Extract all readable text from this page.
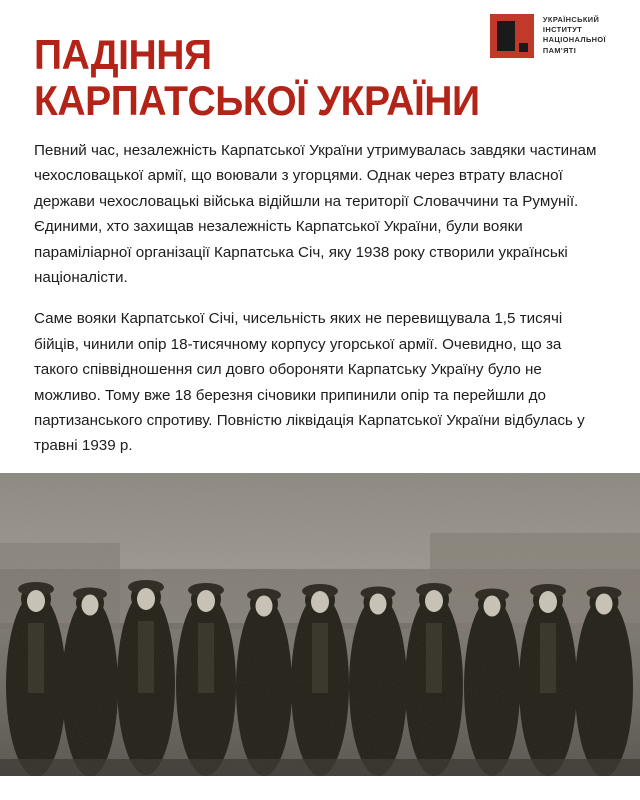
УКРАЇНСЬКИЙ
ІНСТИТУТ
НАЦІОНАЛЬНОЇ
ПАМ'ЯТІ
ПАДІННЯ
КАРПАТСЬКОЇ УКРАЇНИ

Певний час, незалежність Карпатської України утримувалась завдяки частинам чехословацької армії, що воювали з угорцями. Однак через втрату власної держави чехословацькі війська відійшли на території Словаччини та Румунії. Єдиними, хто захищав незалежність Карпатської України, були вояки параміліарної організації Карпатська Січ, яку 1938 року створили українські націоналісти.

Саме вояки Карпатської Січі, чисельність яких не перевищувала 1,5 тисячі бійців, чинили опір 18-тисячному корпусу угорської армії. Очевидно, що за такого співвідношення сил довго обороняти Карпатську Україну було не можливо. Тому вже 18 березня січовики припинили опір та перейшли до партизанського спротиву. Повністю ліквідація Карпатської України відбулась у травні 1939 р.
